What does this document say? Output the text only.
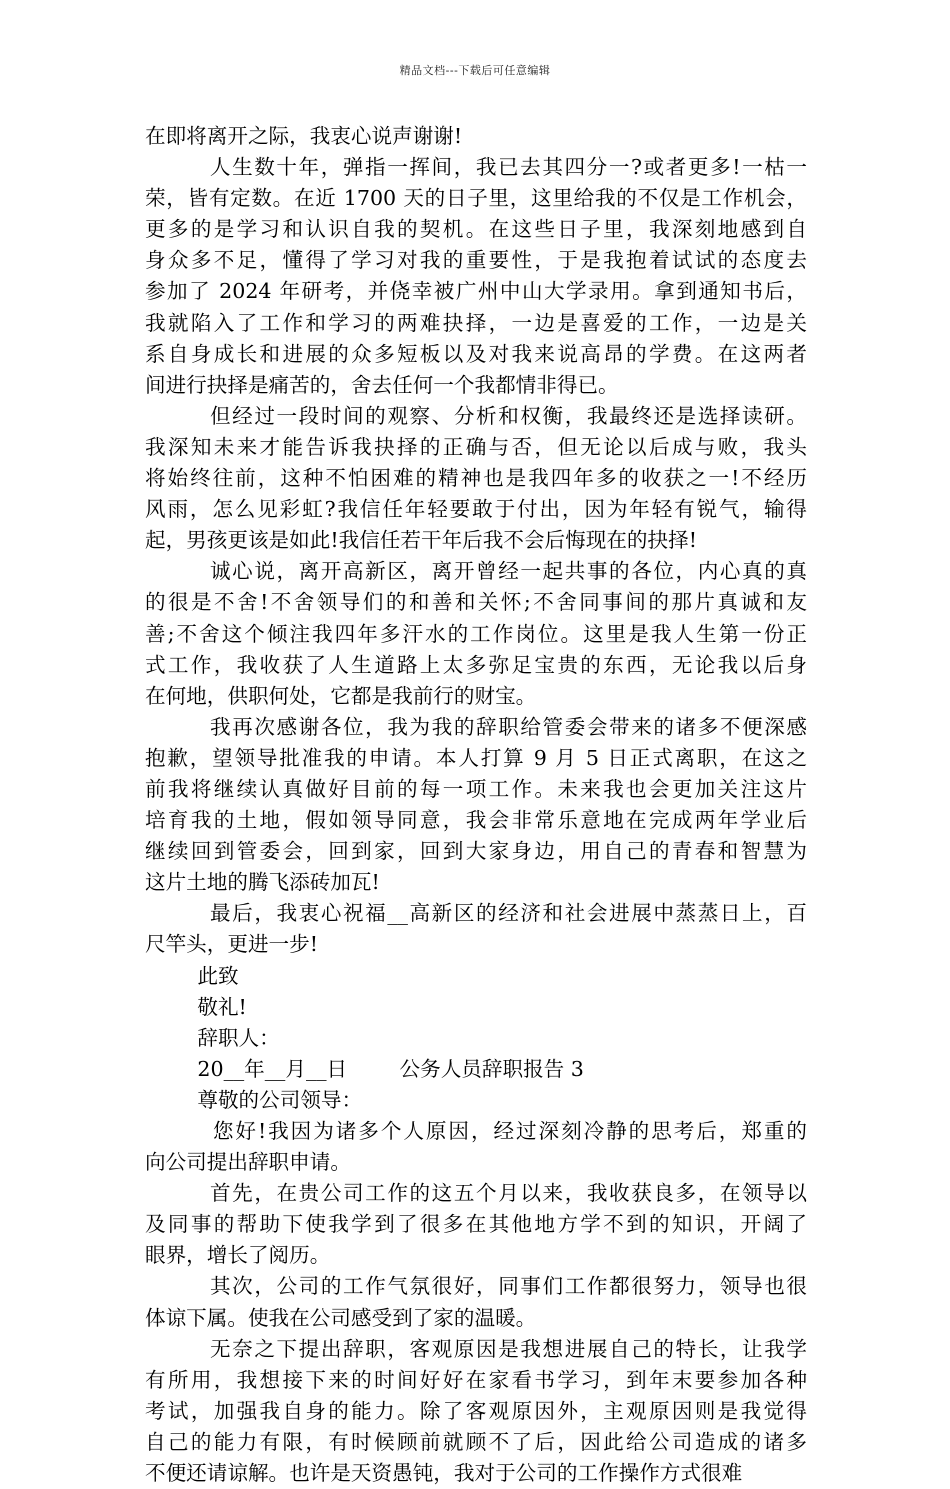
精品文档---下载后可任意编辑
在即将离开之际，我衷心说声谢谢!
人生数十年，弹指一挥间，我已去其四分一?或者更多!一枯一
荣，皆有定数。在近 1700 天的日子里，这里给我的不仅是工作机会，
更多的是学习和认识自我的契机。在这些日子里，我深刻地感到自
身众多不足，懂得了学习对我的重要性，于是我抱着试试的态度去
参加了 2024 年研考，并侥幸被广州中山大学录用。拿到通知书后，
我就陷入了工作和学习的两难抉择，一边是喜爱的工作，一边是关
系自身成长和进展的众多短板以及对我来说高昂的学费。在这两者
间进行抉择是痛苦的，舍去任何一个我都情非得已。
但经过一段时间的观察、分析和权衡，我最终还是选择读研。
我深知未来才能告诉我抉择的正确与否，但无论以后成与败，我头
将始终往前，这种不怕困难的精神也是我四年多的收获之一!不经历
风雨，怎么见彩虹?我信任年轻要敢于付出，因为年轻有锐气，输得
起，男孩更该是如此!我信任若干年后我不会后悔现在的抉择!
诚心说，离开高新区，离开曾经一起共事的各位，内心真的真
的很是不舍!不舍领导们的和善和关怀;不舍同事间的那片真诚和友
善;不舍这个倾注我四年多汗水的工作岗位。这里是我人生第一份正
式工作，我收获了人生道路上太多弥足宝贵的东西，无论我以后身
在何地，供职何处，它都是我前行的财宝。
我再次感谢各位，我为我的辞职给管委会带来的诸多不便深感
抱歉，望领导批准我的申请。本人打算 9 月 5 日正式离职，在这之
前我将继续认真做好目前的每一项工作。未来我也会更加关注这片
培育我的土地，假如领导同意，我会非常乐意地在完成两年学业后
继续回到管委会，回到家，回到大家身边，用自己的青春和智慧为
这片土地的腾飞添砖加瓦!
最后，我衷心祝福__高新区的经济和社会进展中蒸蒸日上，百
尺竿头，更进一步!
此致
敬礼!
辞职人：
20__年__月__日        公务人员辞职报告 3
尊敬的公司领导：
您好!我因为诸多个人原因，经过深刻冷静的思考后，郑重的
向公司提出辞职申请。
首先，在贵公司工作的这五个月以来，我收获良多，在领导以
及同事的帮助下使我学到了很多在其他地方学不到的知识，开阔了
眼界，增长了阅历。
其次，公司的工作气氛很好，同事们工作都很努力，领导也很
体谅下属。使我在公司感受到了家的温暖。
无奈之下提出辞职，客观原因是我想进展自己的特长，让我学
有所用，我想接下来的时间好好在家看书学习，到年末要参加各种
考试，加强我自身的能力。除了客观原因外，主观原因则是我觉得
自己的能力有限，有时候顾前就顾不了后，因此给公司造成的诸多
不便还请谅解。也许是天资愚钝，我对于公司的工作操作方式很难
